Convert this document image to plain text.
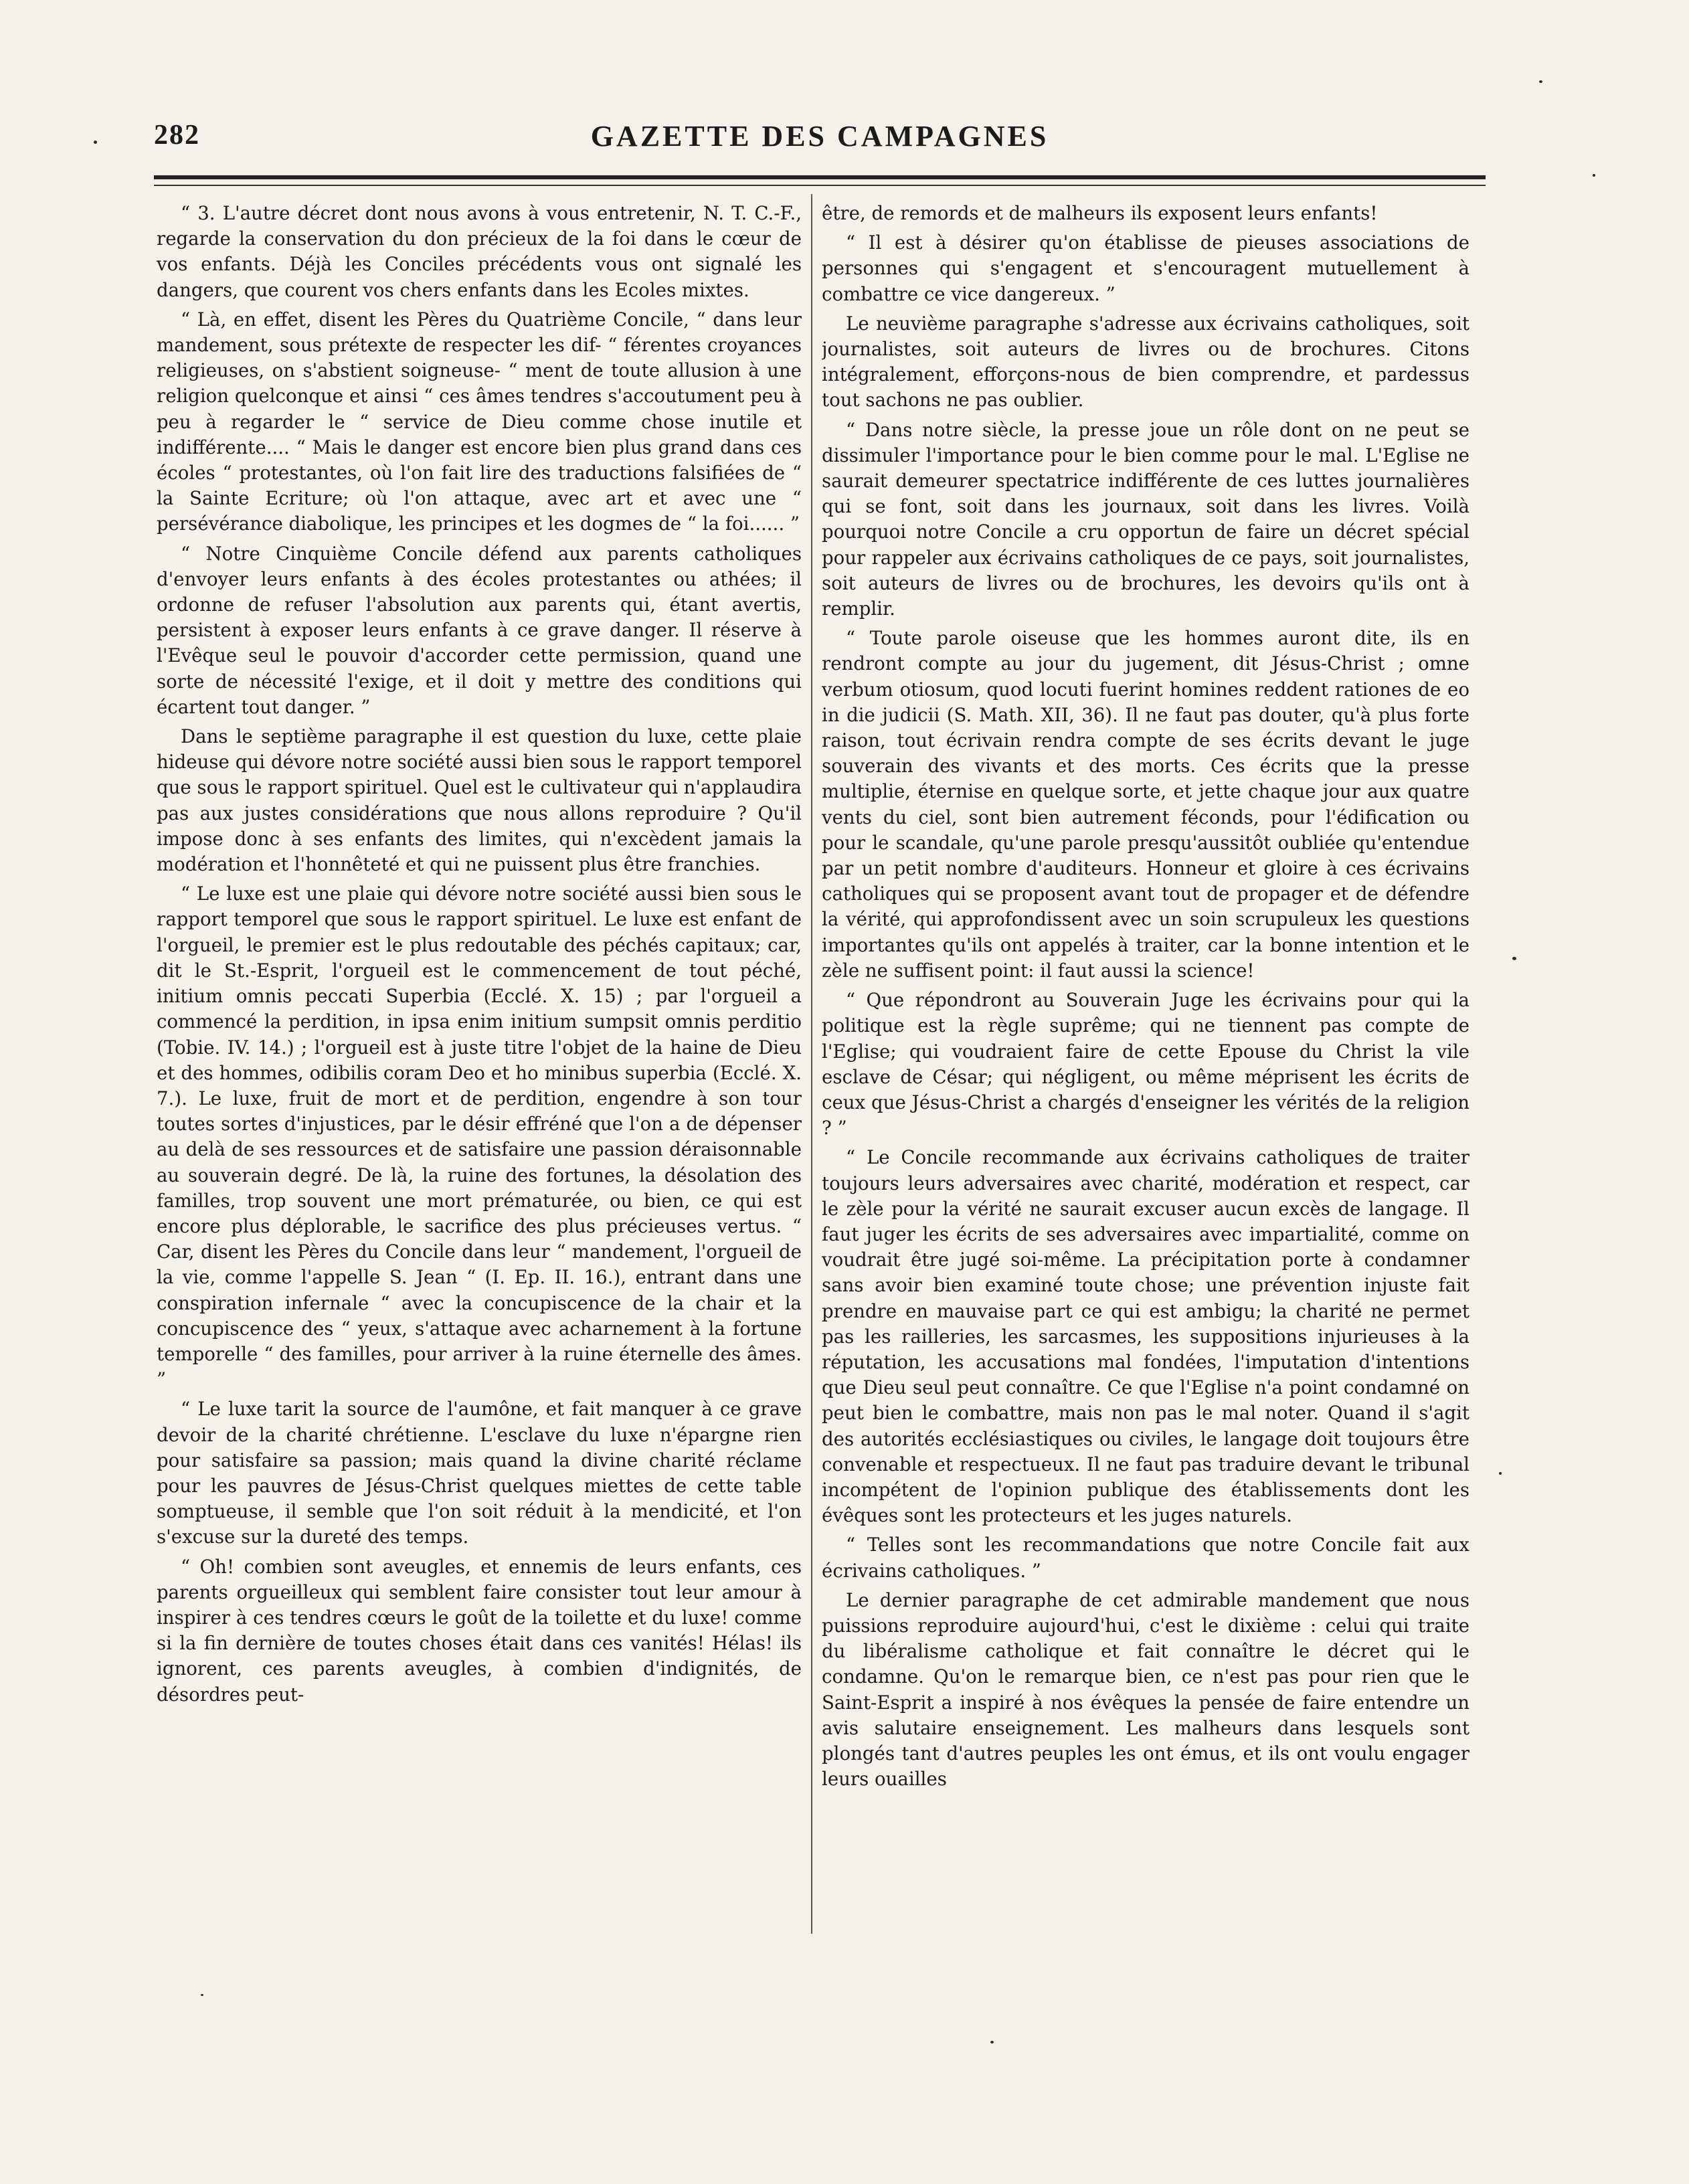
282	GAZETTE DES CAMPAGNES

“ 3. L'autre décret dont nous avons à vous entretenir, N. T. C.-F., regarde la conservation du don précieux de la foi dans le cœur de vos enfants. Déjà les Conciles précédents vous ont signalé les dangers, que courent vos chers enfants dans les Ecoles mixtes.

“ Là, en effet, disent les Pères du Quatrième Concile, “ dans leur mandement, sous prétexte de respecter les dif- “ férentes croyances religieuses, on s'abstient soigneuse- “ ment de toute allusion à une religion quelconque et ainsi “ ces âmes tendres s'accoutument peu à peu à regarder le “ service de Dieu comme chose inutile et indifférente.... “ Mais le danger est encore bien plus grand dans ces écoles “ protestantes, où l'on fait lire des traductions falsifiées de “ la Sainte Ecriture; où l'on attaque, avec art et avec une “ persévérance diabolique, les principes et les dogmes de “ la foi...... ”

“ Notre Cinquième Concile défend aux parents catholiques d'envoyer leurs enfants à des écoles protestantes ou athées; il ordonne de refuser l'absolution aux parents qui, étant avertis, persistent à exposer leurs enfants à ce grave danger. Il réserve à l'Evêque seul le pouvoir d'accorder cette permission, quand une sorte de nécessité l'exige, et il doit y mettre des conditions qui écartent tout danger. ”

Dans le septième paragraphe il est question du luxe, cette plaie hideuse qui dévore notre société aussi bien sous le rapport temporel que sous le rapport spirituel. Quel est le cultivateur qui n'applaudira pas aux justes considérations que nous allons reproduire ? Qu'il impose donc à ses enfants des limites, qui n'excèdent jamais la modération et l'honnêteté et qui ne puissent plus être franchies.

“ Le luxe est une plaie qui dévore notre société aussi bien sous le rapport temporel que sous le rapport spirituel. Le luxe est enfant de l'orgueil, le premier est le plus redoutable des péchés capitaux; car, dit le St.-Esprit, l'orgueil est le commencement de tout péché, initium omnis peccati Superbia (Ecclé. X. 15) ; par l'orgueil a commencé la perdition, in ipsa enim initium sumpsit omnis perditio (Tobie. IV. 14.) ; l'orgueil est à juste titre l'objet de la haine de Dieu et des hommes, odibilis coram Deo et ho minibus superbia (Ecclé. X. 7.). Le luxe, fruit de mort et de perdition, engendre à son tour toutes sortes d'injustices, par le désir effréné que l'on a de dépenser au delà de ses ressources et de satisfaire une passion déraisonnable au souverain degré. De là, la ruine des fortunes, la désolation des familles, trop souvent une mort prématurée, ou bien, ce qui est encore plus déplorable, le sacrifice des plus précieuses vertus. “ Car, disent les Pères du Concile dans leur “ mandement, l'orgueil de la vie, comme l'appelle S. Jean “ (I. Ep. II. 16.), entrant dans une conspiration infernale “ avec la concupiscence de la chair et la concupiscence des “ yeux, s'attaque avec acharnement à la fortune temporelle “ des familles, pour arriver à la ruine éternelle des âmes. ”

“ Le luxe tarit la source de l'aumône, et fait manquer à ce grave devoir de la charité chrétienne. L'esclave du luxe n'épargne rien pour satisfaire sa passion; mais quand la divine charité réclame pour les pauvres de Jésus-Christ quelques miettes de cette table somptueuse, il semble que l'on soit réduit à la mendicité, et l'on s'excuse sur la dureté des temps.

“ Oh! combien sont aveugles, et ennemis de leurs enfants, ces parents orgueilleux qui semblent faire consister tout leur amour à inspirer à ces tendres cœurs le goût de la toilette et du luxe! comme si la fin dernière de toutes choses était dans ces vanités! Hélas! ils ignorent, ces parents aveugles, à combien d'indignités, de désordres peut-

être, de remords et de malheurs ils exposent leurs enfants!

“ Il est à désirer qu'on établisse de pieuses associations de personnes qui s'engagent et s'encouragent mutuellement à combattre ce vice dangereux. ”

Le neuvième paragraphe s'adresse aux écrivains catholiques, soit journalistes, soit auteurs de livres ou de brochures. Citons intégralement, efforçons-nous de bien comprendre, et pardessus tout sachons ne pas oublier.

“ Dans notre siècle, la presse joue un rôle dont on ne peut se dissimuler l'importance pour le bien comme pour le mal. L'Eglise ne saurait demeurer spectatrice indifférente de ces luttes journalières qui se font, soit dans les journaux, soit dans les livres. Voilà pourquoi notre Concile a cru opportun de faire un décret spécial pour rappeler aux écrivains catholiques de ce pays, soit journalistes, soit auteurs de livres ou de brochures, les devoirs qu'ils ont à remplir.

“ Toute parole oiseuse que les hommes auront dite, ils en rendront compte au jour du jugement, dit Jésus-Christ ; omne verbum otiosum, quod locuti fuerint homines reddent rationes de eo in die judicii (S. Math. XII, 36). Il ne faut pas douter, qu'à plus forte raison, tout écrivain rendra compte de ses écrits devant le juge souverain des vivants et des morts. Ces écrits que la presse multiplie, éternise en quelque sorte, et jette chaque jour aux quatre vents du ciel, sont bien autrement féconds, pour l'édification ou pour le scandale, qu'une parole presqu'aussitôt oubliée qu'entendue par un petit nombre d'auditeurs. Honneur et gloire à ces écrivains catholiques qui se proposent avant tout de propager et de défendre la vérité, qui approfondissent avec un soin scrupuleux les questions importantes qu'ils ont appelés à traiter, car la bonne intention et le zèle ne suffisent point: il faut aussi la science!

“ Que répondront au Souverain Juge les écrivains pour qui la politique est la règle suprême; qui ne tiennent pas compte de l'Eglise; qui voudraient faire de cette Epouse du Christ la vile esclave de César; qui négligent, ou même méprisent les écrits de ceux que Jésus-Christ a chargés d'enseigner les vérités de la religion ? ”

“ Le Concile recommande aux écrivains catholiques de traiter toujours leurs adversaires avec charité, modération et respect, car le zèle pour la vérité ne saurait excuser aucun excès de langage. Il faut juger les écrits de ses adversaires avec impartialité, comme on voudrait être jugé soi-même. La précipitation porte à condamner sans avoir bien examiné toute chose; une prévention injuste fait prendre en mauvaise part ce qui est ambigu; la charité ne permet pas les railleries, les sarcasmes, les suppositions injurieuses à la réputation, les accusations mal fondées, l'imputation d'intentions que Dieu seul peut connaître. Ce que l'Eglise n'a point condamné on peut bien le combattre, mais non pas le mal noter. Quand il s'agit des autorités ecclésiastiques ou civiles, le langage doit toujours être convenable et respectueux. Il ne faut pas traduire devant le tribunal incompétent de l'opinion publique des établissements dont les évêques sont les protecteurs et les juges naturels.

“ Telles sont les recommandations que notre Concile fait aux écrivains catholiques. ”

Le dernier paragraphe de cet admirable mandement que nous puissions reproduire aujourd'hui, c'est le dixième : celui qui traite du libéralisme catholique et fait connaître le décret qui le condamne. Qu'on le remarque bien, ce n'est pas pour rien que le Saint-Esprit a inspiré à nos évêques la pensée de faire entendre un avis salutaire enseignement. Les malheurs dans lesquels sont plongés tant d'autres peuples les ont émus, et ils ont voulu engager leurs ouailles
